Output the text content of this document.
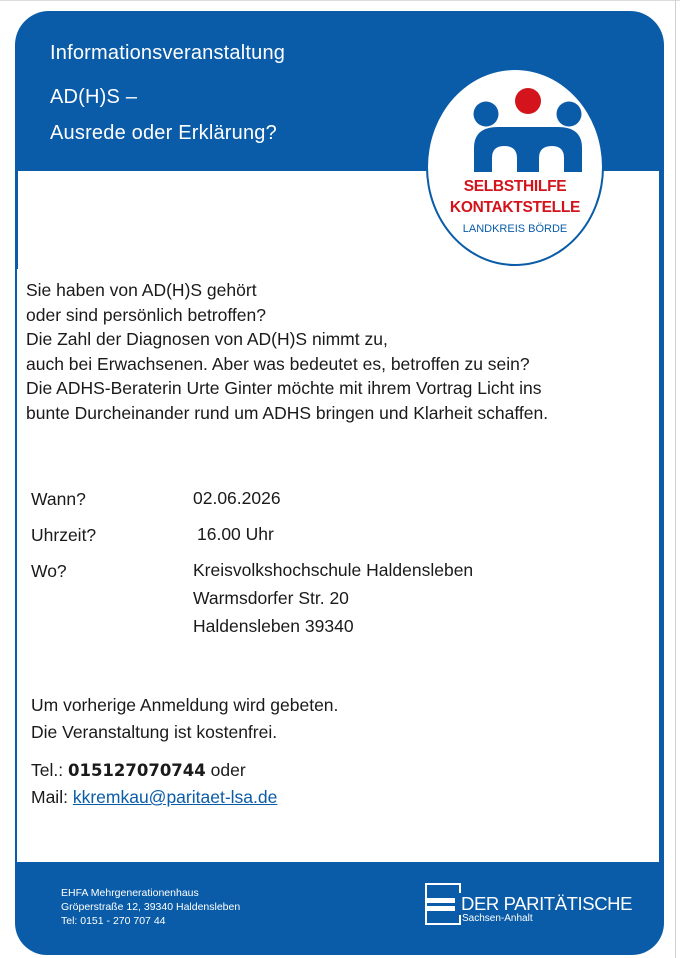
Informationsveranstaltung
AD(H)S –
Ausrede oder Erklärung?
SELBSTHILFE
KONTAKTSTELLE
LANDKREIS BÖRDE
Sie haben von AD(H)S gehört
oder sind persönlich betroffen?
Die Zahl der Diagnosen von AD(H)S nimmt zu,
auch bei Erwachsenen. Aber was bedeutet es, betroffen zu sein?
Die ADHS-Beraterin Urte Ginter möchte mit ihrem Vortrag Licht ins
bunte Durcheinander rund um ADHS bringen und Klarheit schaffen.
Wann?	02.06.2026
Uhrzeit?	16.00 Uhr
Wo?	Kreisvolkshochschule Haldensleben
Warmsdorfer Str. 20
Haldensleben 39340
Um vorherige Anmeldung wird gebeten.
Die Veranstaltung ist kostenfrei.
Tel.: 015127070744 oder
Mail: kkremkau@paritaet-lsa.de
EHFA Mehrgenerationenhaus
Gröperstraße 12, 39340 Haldensleben
Tel: 0151 - 270 707 44
DER PARITÄTISCHE
Sachsen-Anhalt
